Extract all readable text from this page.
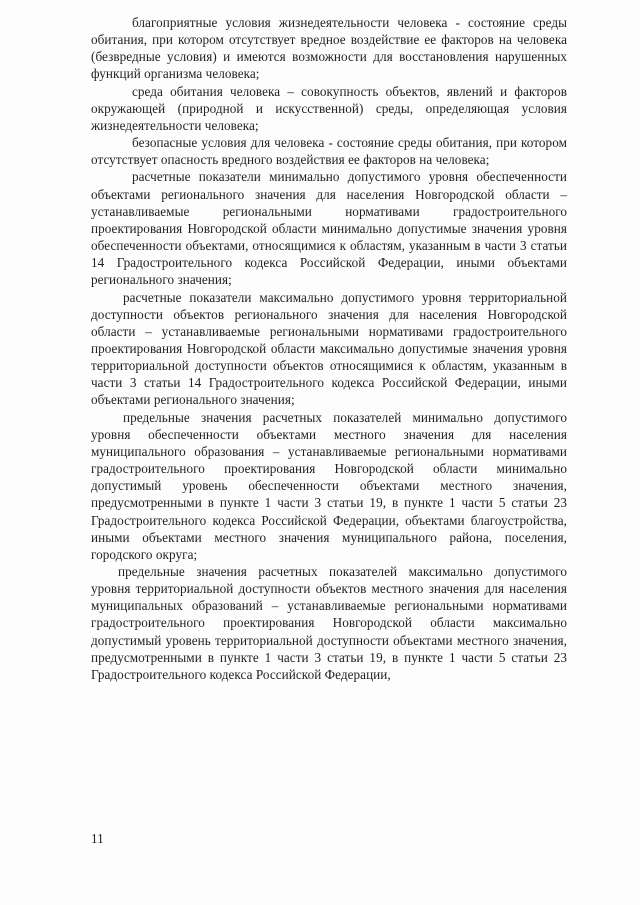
благоприятные условия жизнедеятельности человека - состояние среды обитания, при котором отсутствует вредное воздействие ее факторов на человека (безвредные условия) и имеются возможности для восстановления нарушенных функций организма человека;

среда обитания человека – совокупность объектов, явлений и факторов окружающей (природной и искусственной) среды, определяющая условия жизнедеятельности человека;

безопасные условия для человека - состояние среды обитания, при котором отсутствует опасность вредного воздействия ее факторов на человека;

расчетные показатели минимально допустимого уровня обеспеченности объектами регионального значения для населения Новгородской области – устанавливаемые региональными нормативами градостроительного проектирования Новгородской области минимально допустимые значения уровня обеспеченности объектами, относящимися к областям, указанным в части 3 статьи 14 Градостроительного кодекса Российской Федерации, иными объектами регионального значения;

расчетные показатели максимально допустимого уровня территориальной доступности объектов регионального значения для населения Новгородской области – устанавливаемые региональными нормативами градостроительного проектирования Новгородской области максимально допустимые значения уровня территориальной доступности объектов относящимися к областям, указанным в части 3 статьи 14 Градостроительного кодекса Российской Федерации, иными объектами регионального значения;

предельные значения расчетных показателей минимально допустимого уровня обеспеченности объектами местного значения для населения муниципального образования – устанавливаемые региональными нормативами градостроительного проектирования Новгородской области минимально допустимый уровень обеспеченности объектами местного значения, предусмотренными в пункте 1 части 3 статьи 19, в пункте 1 части 5 статьи 23 Градостроительного кодекса Российской Федерации, объектами благоустройства, иными объектами местного значения муниципального района, поселения, городского округа;

предельные значения расчетных показателей максимально допустимого уровня территориальной доступности объектов местного значения для населения муниципальных образований – устанавливаемые региональными нормативами градостроительного проектирования Новгородской области максимально допустимый уровень территориальной доступности объектами местного значения, предусмотренными в пункте 1 части 3 статьи 19, в пункте 1 части 5 статьи 23 Градостроительного кодекса Российской Федерации,

11
